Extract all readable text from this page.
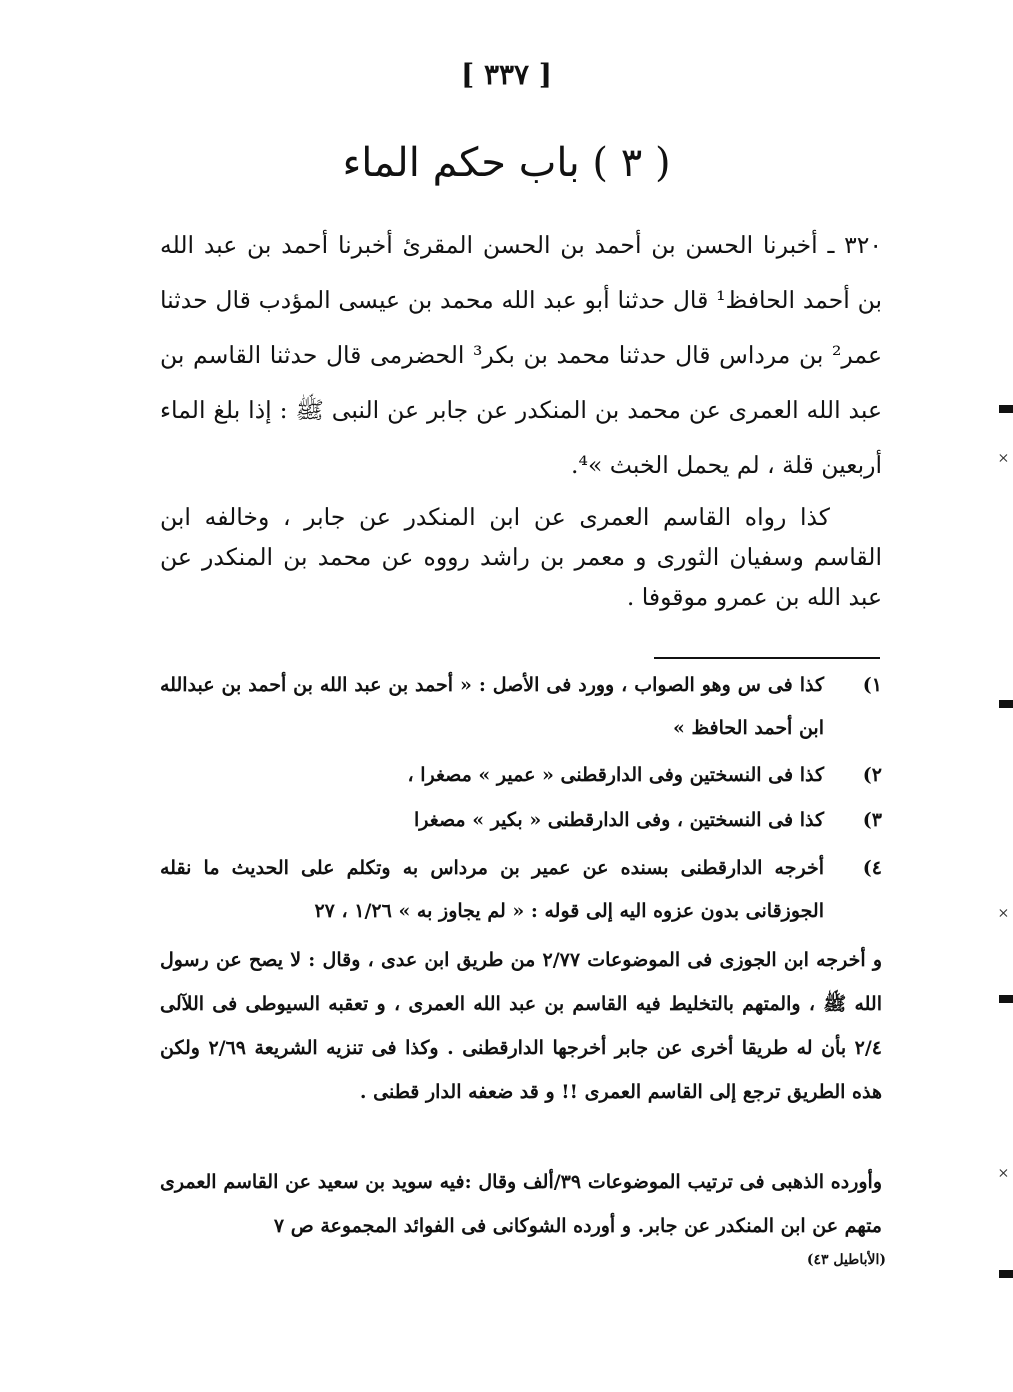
[ ٣٣٧ ]
( ٣ ) باب حكم الماء

٣٢٠ ـ أخبرنا الحسن بن أحمد بن الحسن المقرئ أخبرنا أحمد بن عبد الله بن أحمد الحافظ¹ قال حدثنا أبو عبد الله محمد بن عيسى المؤدب قال حدثنا عمر² بن مرداس قال حدثنا محمد بن بكر³ الحضرمى قال حدثنا القاسم بن عبد الله العمرى عن محمد بن المنكدر عن جابر عن النبى ﷺ : إذا بلغ الماء أربعين قلة ، لم يحمل الخبث »⁴.

كذا رواه القاسم العمرى عن ابن المنكدر عن جابر ، وخالفه ابن القاسم وسفيان الثورى و معمر بن راشد رووه عن محمد بن المنكدر عن عبد الله بن عمرو موقوفا .

١)
كذا فى س وهو الصواب ، وورد فى الأصل : « أحمد بن عبد الله بن أحمد بن عبدالله ابن أحمد الحافظ »
٢)
كذا فى النسختين وفى الدارقطنى « عمير » مصغرا ،
٣)
كذا فى النسختين ، وفى الدارقطنى « بكير » مصغرا
٤)
أخرجه الدارقطنى بسنده عن عمير بن مرداس به وتكلم على الحديث ما نقله الجوزقانى بدون عزوه اليه إلى قوله : « لم يجاوز به » ١/٢٦ ، ٢٧

و أخرجه ابن الجوزى فى الموضوعات ٢/٧٧ من طريق ابن عدى ، وقال : لا يصح عن رسول الله ﷺ ، والمتهم بالتخليط فيه القاسم بن عبد الله العمرى ، و تعقبه السيوطى فى اللآلى ٢/٤ بأن له طريقا أخرى عن جابر أخرجها الدارقطنى . وكذا فى تنزيه الشريعة ٢/٦٩ ولكن هذه الطريق ترجع إلى القاسم العمرى !! و قد ضعفه الدار قطنى .

وأورده الذهبى فى ترتيب الموضوعات ٣٩/ألف وقال :فيه سويد بن سعيد عن القاسم العمرى متهم عن ابن المنكدر عن جابر. و أورده الشوكانى فى الفوائد المجموعة ص ٧

(الأباطيل ٤٣)
×
×
×
